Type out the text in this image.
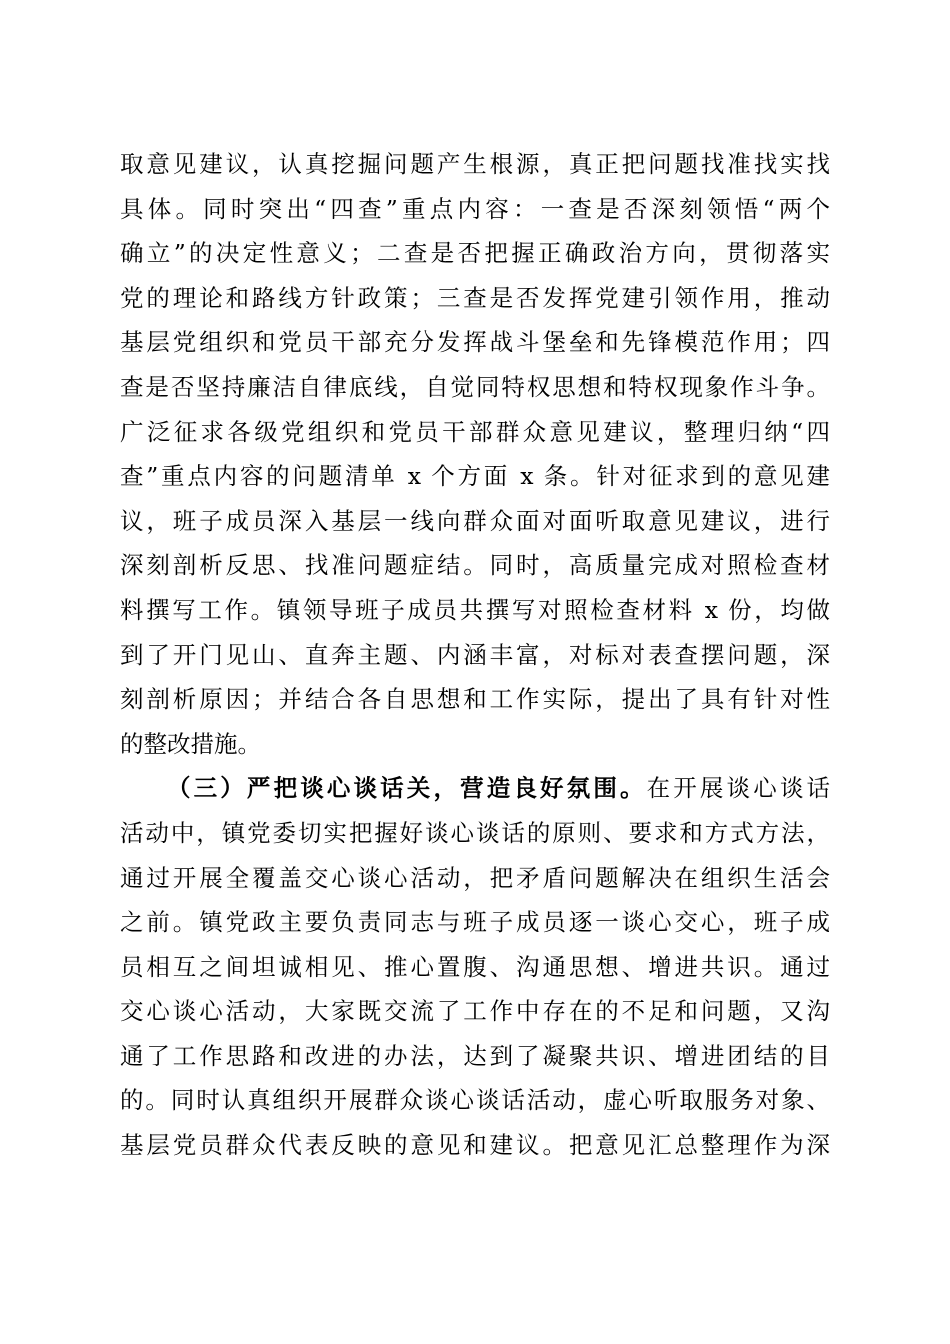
取意见建议，认真挖掘问题产生根源，真正把问题找准找实找
具体。同时突出“四查”重点内容：一查是否深刻领悟“两个
确立”的决定性意义；二查是否把握正确政治方向，贯彻落实
党的理论和路线方针政策；三查是否发挥党建引领作用，推动
基层党组织和党员干部充分发挥战斗堡垒和先锋模范作用；四
查是否坚持廉洁自律底线，自觉同特权思想和特权现象作斗争。
广泛征求各级党组织和党员干部群众意见建议，整理归纳“四
查”重点内容的问题清单 x 个方面 x 条。针对征求到的意见建
议，班子成员深入基层一线向群众面对面听取意见建议，进行
深刻剖析反思、找准问题症结。同时，高质量完成对照检查材
料撰写工作。镇领导班子成员共撰写对照检查材料 x 份，均做
到了开门见山、直奔主题、内涵丰富，对标对表查摆问题，深
刻剖析原因；并结合各自思想和工作实际，提出了具有针对性
的整改措施。
（三）严把谈心谈话关，营造良好氛围。在开展谈心谈话
活动中，镇党委切实把握好谈心谈话的原则、要求和方式方法，
通过开展全覆盖交心谈心活动，把矛盾问题解决在组织生活会
之前。镇党政主要负责同志与班子成员逐一谈心交心，班子成
员相互之间坦诚相见、推心置腹、沟通思想、增进共识。通过
交心谈心活动，大家既交流了工作中存在的不足和问题，又沟
通了工作思路和改进的办法，达到了凝聚共识、增进团结的目
的。同时认真组织开展群众谈心谈话活动，虚心听取服务对象、
基层党员群众代表反映的意见和建议。把意见汇总整理作为深
